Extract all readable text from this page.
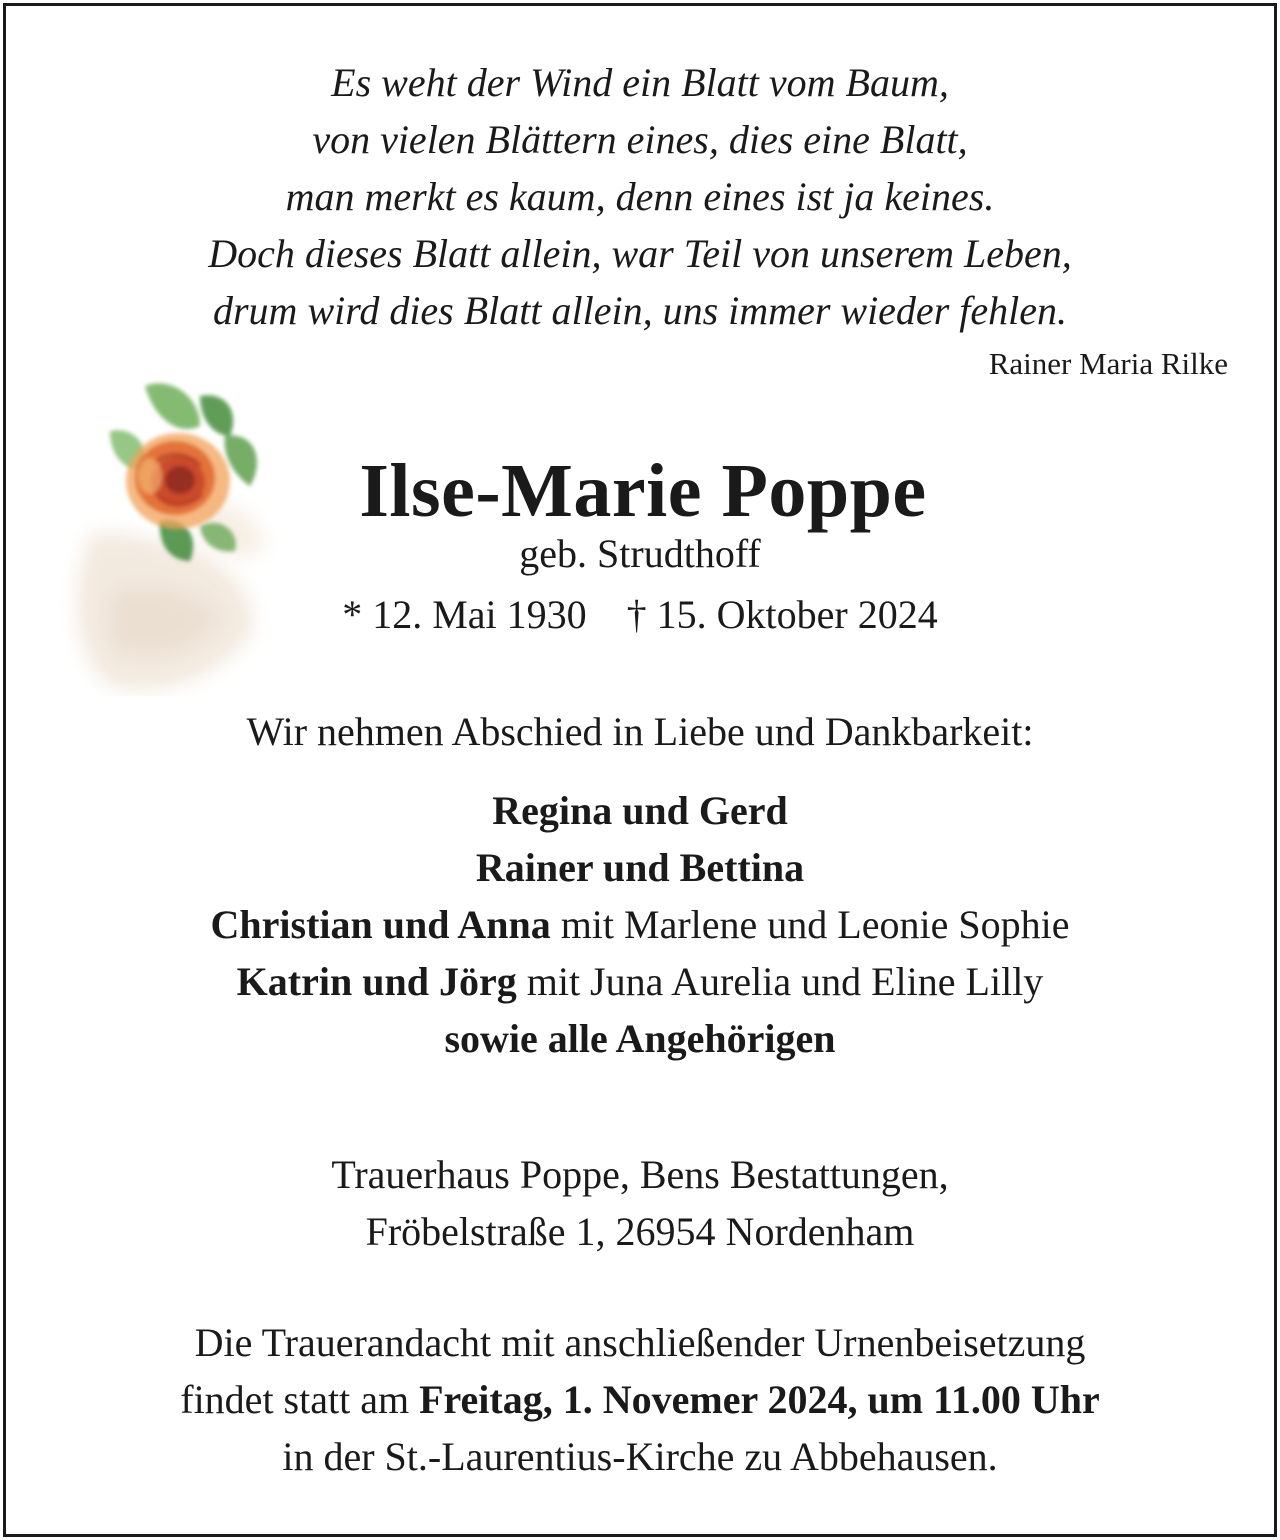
Es weht der Wind ein Blatt vom Baum,
von vielen Blättern eines, dies eine Blatt,
man merkt es kaum, denn eines ist ja keines.
Doch dieses Blatt allein, war Teil von unserem Leben,
drum wird dies Blatt allein, uns immer wieder fehlen.
Rainer Maria Rilke
Ilse-Marie Poppe
geb. Strudthoff
* 12. Mai 1930 † 15. Oktober 2024
Wir nehmen Abschied in Liebe und Dankbarkeit:
Regina und Gerd
Rainer und Bettina
Christian und Anna mit Marlene und Leonie Sophie
Katrin und Jörg mit Juna Aurelia und Eline Lilly
sowie alle Angehörigen
Trauerhaus Poppe, Bens Bestattungen,
Fröbelstraße 1, 26954 Nordenham
Die Trauerandacht mit anschließender Urnenbeisetzung
findet statt am Freitag, 1. Novemer 2024, um 11.00 Uhr
in der St.-Laurentius-Kirche zu Abbehausen.
